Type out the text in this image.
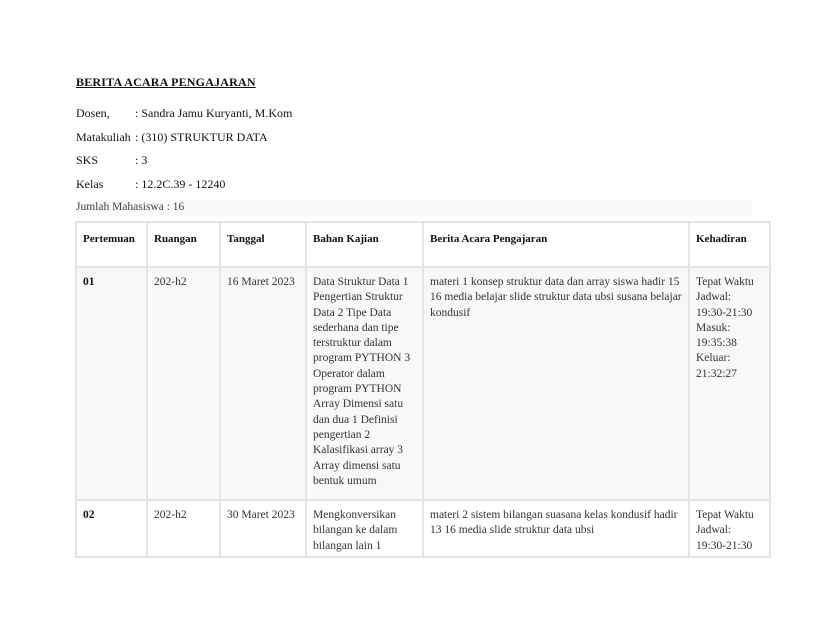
BERITA ACARA PENGAJARAN
Dosen, : Sandra Jamu Kuryanti, M.Kom
Matakuliah : (310) STRUKTUR DATA
SKS	: 3
Kelas	: 12.2C.39 - 12240
Jumlah Mahasiswa : 16
Pertemuan	Ruangan	Tanggal	Bahan Kajian	Berita Acara Pengajaran	Kehadiran
01	202-h2	16 Maret 2023	Data Struktur Data 1 Pengertian Struktur Data 2 Tipe Data sederhana dan tipe terstruktur dalam program PYTHON 3 Operator dalam program PYTHON Array Dimensi satu dan dua 1 Definisi pengertian 2 Kalasifikasi array 3 Array dimensi satu bentuk umum	materi 1 konsep struktur data dan array siswa hadir 15 16 media belajar slide struktur data ubsi susana belajar kondusif	Tepat Waktu Jadwal: 19:30-21:30 Masuk: 19:35:38 Keluar: 21:32:27
02	202-h2	30 Maret 2023	Mengkonversikan bilangan ke dalam bilangan lain 1	materi 2 sistem bilangan suasana kelas kondusif hadir 13 16 media slide struktur data ubsi	Tepat Waktu Jadwal: 19:30-21:30
